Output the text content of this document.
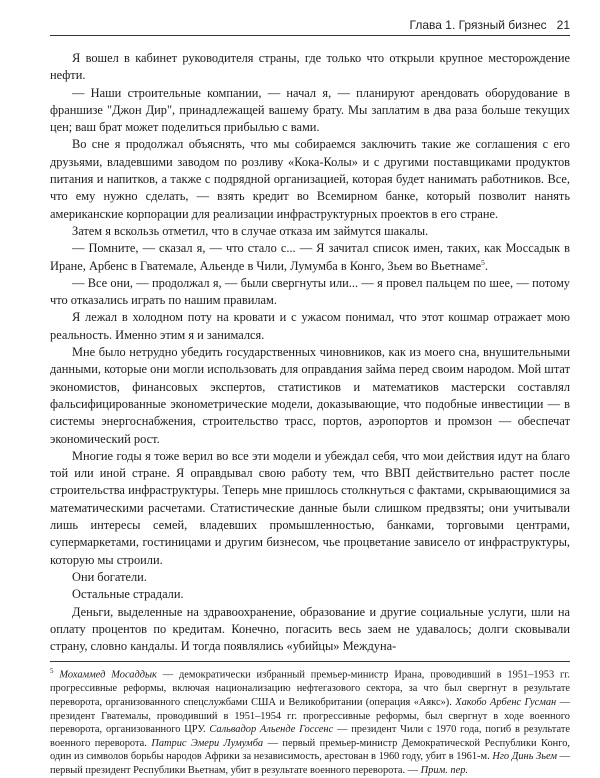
Глава 1. Грязный бизнес 21

Я вошел в кабинет руководителя страны, где только что открыли крупное месторождение нефти.

— Наши строительные компании, — начал я, — планируют арендовать оборудование в франшизе "Джон Дир", принадлежащей вашему брату. Мы заплатим в два раза больше текущих цен; ваш брат может поделиться прибылью с вами.

Во сне я продолжал объяснять, что мы собираемся заключить такие же соглашения с его друзьями, владевшими заводом по розливу «Кока-Колы» и с другими поставщиками продуктов питания и напитков, а также с подрядной организацией, которая будет нанимать работников. Все, что ему нужно сделать, — взять кредит во Всемирном банке, который позволит нанять американские корпорации для реализации инфраструктурных проектов в его стране.

Затем я вскользь отметил, что в случае отказа им займутся шакалы.

— Помните, — сказал я, — что стало с... — Я зачитал список имен, таких, как Моссадык в Иране, Арбенс в Гватемале, Альенде в Чили, Лумумба в Конго, Зьем во Вьетнаме$^5$.

— Все они, — продолжал я, — были свергнуты или... — я провел пальцем по шее, — потому что отказались играть по нашим правилам.

Я лежал в холодном поту на кровати и с ужасом понимал, что этот кошмар отражает мою реальность. Именно этим я и занимался.

Мне было нетрудно убедить государственных чиновников, как из моего сна, внушительными данными, которые они могли использовать для оправдания займа перед своим народом. Мой штат экономистов, финансовых экспертов, статистиков и математиков мастерски составлял фальсифицированные эконометрические модели, доказывающие, что подобные инвестиции — в системы энергоснабжения, строительство трасс, портов, аэропортов и промзон — обеспечат экономический рост.

Многие годы я тоже верил во все эти модели и убеждал себя, что мои действия идут на благо той или иной стране. Я оправдывал свою работу тем, что ВВП действительно растет после строительства инфраструктуры. Теперь мне пришлось столкнуться с фактами, скрывающимися за математическими расчетами. Статистические данные были слишком предвзяты; они учитывали лишь интересы семей, владевших промышленностью, банками, торговыми центрами, супермаркетами, гостиницами и другим бизнесом, чье процветание зависело от инфраструктуры, которую мы строили.

Они богатели.

Остальные страдали.

Деньги, выделенные на здравоохранение, образование и другие социальные услуги, шли на оплату процентов по кредитам. Конечно, погасить весь заем не удавалось; долги сковывали страну, словно кандалы. И тогда появлялись «убийцы» Междуна-

$^5$ Мохаммед Мосаддык — демократически избранный премьер-министр Ирана, проводивший в 1951–1953 гг. прогрессивные реформы, включая национализацию нефтегазового сектора, за что был свергнут в результате переворота, организованного спецслужбами США и Великобритании (операция «Аякс»). Хакобо Арбенс Гусман — президент Гватемалы, проводивший в 1951–1954 гг. прогрессивные реформы, был свергнут в ходе военного переворота, организованного ЦРУ. Сальвадор Альенде Госсенс — президент Чили с 1970 года, погиб в результате военного переворота. Патрис Эмери Лумумба — первый премьер-министр Демократической Республики Конго, один из символов борьбы народов Африки за независимость, арестован в 1960 году, убит в 1961-м. Нго Динь Зьем — первый президент Республики Вьетнам, убит в результате военного переворота. — Прим. пер.
